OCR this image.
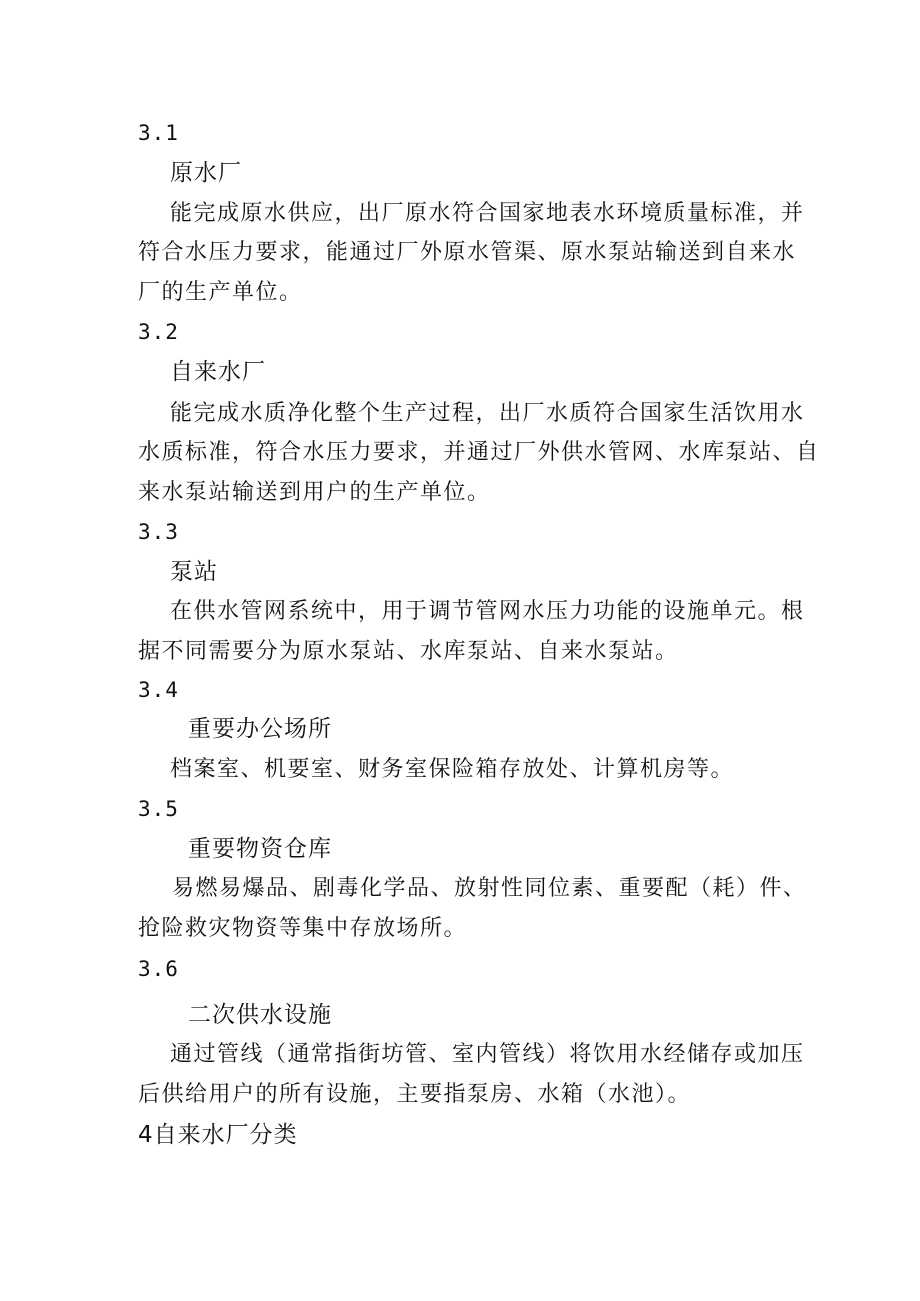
3.1
原水厂
能完成原水供应，出厂原水符合国家地表水环境质量标准，并
符合水压力要求，能通过厂外原水管渠、原水泵站输送到自来水
厂的生产单位。
3.2
自来水厂
能完成水质净化整个生产过程，出厂水质符合国家生活饮用水
水质标准，符合水压力要求，并通过厂外供水管网、水库泵站、自
来水泵站输送到用户的生产单位。
3.3
泵站
在供水管网系统中，用于调节管网水压力功能的设施单元。根
据不同需要分为原水泵站、水库泵站、自来水泵站。
3.4
重要办公场所
档案室、机要室、财务室保险箱存放处、计算机房等。
3.5
重要物资仓库
易燃易爆品、剧毒化学品、放射性同位素、重要配（耗）件、
抢险救灾物资等集中存放场所。
3.6
二次供水设施
通过管线（通常指街坊管、室内管线）将饮用水经储存或加压
后供给用户的所有设施，主要指泵房、水箱（水池）。
4自来水厂分类
